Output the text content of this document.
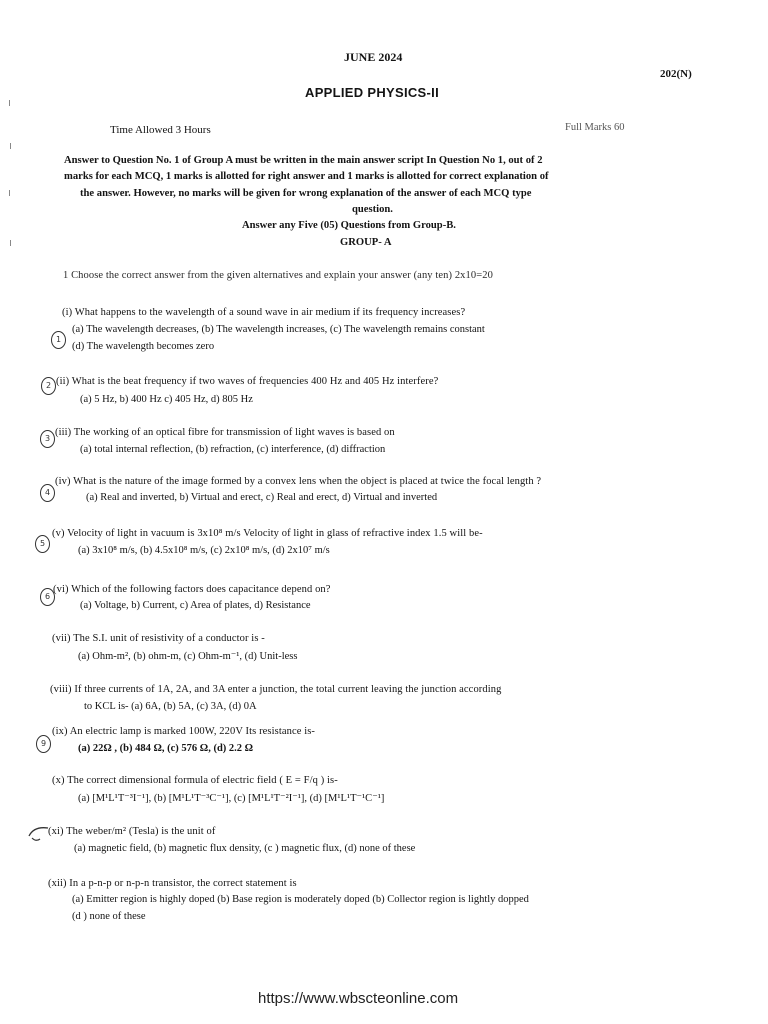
JUNE 2024
202(N)
APPLIED PHYSICS-II
Time Allowed 3 Hours	Full Marks 60
Answer to Question No. 1 of Group A must be written in the main answer script In Question No 1, out of 2
marks for each MCQ, 1 marks is allotted for right answer and 1 marks is allotted for correct explanation of
the answer. However, no marks will be given for wrong explanation of the answer of each MCQ type
question.
Answer any Five (05) Questions from Group-B.
GROUP- A
1 Choose the correct answer from the given alternatives and explain your answer (any ten) 2x10=20
(i) What happens to the wavelength of a sound wave in air medium if its frequency increases?
1
(a) The wavelength decreases, (b) The wavelength increases, (c) The wavelength remains constant
(d) The wavelength becomes zero
2 (ii) What is the beat frequency if two waves of frequencies 400 Hz and 405 Hz interfere?
(a) 5 Hz, b) 400 Hz c) 405 Hz, d) 805 Hz
3
(iii) The working of an optical fibre for transmission of light waves is based on
(a) total internal reflection, (b) refraction, (c) interference, (d) diffraction
4
(iv) What is the nature of the image formed by a convex lens when the object is placed at twice the focal length ?
(a) Real and inverted, b) Virtual and erect, c) Real and erect, d) Virtual and inverted
5
(v) Velocity of light in vacuum is 3x10⁸ m/s Velocity of light in glass of refractive index 1.5 will be-
(a) 3x10⁸ m/s, (b) 4.5x10⁸ m/s, (c) 2x10⁸ m/s, (d) 2x10⁷ m/s
6
(vi) Which of the following factors does capacitance depend on?
(a) Voltage, b) Current, c) Area of plates, d) Resistance
(vii) The S.I. unit of resistivity of a conductor is -
(a) Ohm-m², (b) ohm-m, (c) Ohm-m⁻¹, (d) Unit-less
(viii) If three currents of 1A, 2A, and 3A enter a junction, the total current leaving the junction according
to KCL is- (a) 6A, (b) 5A, (c) 3A, (d) 0A
9
(ix) An electric lamp is marked 100W, 220V Its resistance is-
(a) 22Ω , (b) 484 Ω, (c) 576 Ω, (d) 2.2 Ω
(x) The correct dimensional formula of electric field ( E = F/q ) is-
(a) [M¹L¹T⁻³I⁻¹], (b) [M¹L¹T⁻³C⁻¹], (c) [M¹L¹T⁻²I⁻¹], (d) [M¹L¹T⁻¹C⁻¹]
(xi) The weber/m² (Tesla) is the unit of
(a) magnetic field, (b) magnetic flux density, (c ) magnetic flux, (d) none of these
(xii) In a p-n-p or n-p-n transistor, the correct statement is
(a) Emitter region is highly doped (b) Base region is moderately doped (b) Collector region is lightly dopped
(d ) none of these
https://www.wbscteonline.com
